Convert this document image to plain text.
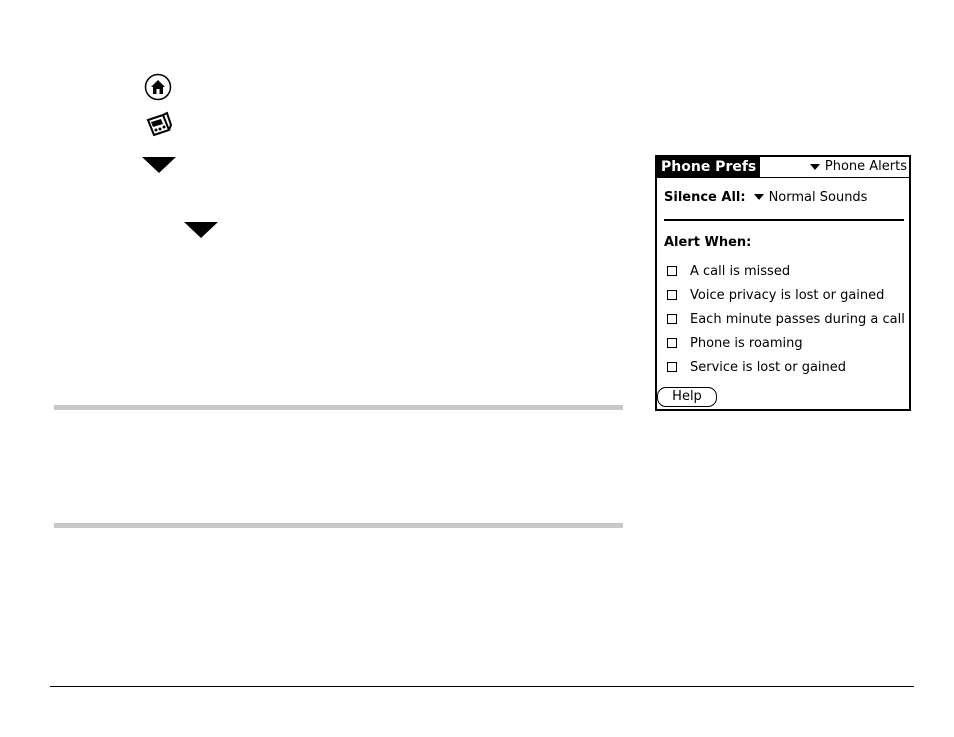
Phone Prefs	Phone Alerts
Silence All: Normal Sounds
Alert When:
A call is missed
Voice privacy is lost or gained
Each minute passes during a call
Phone is roaming
Service is lost or gained
Help
